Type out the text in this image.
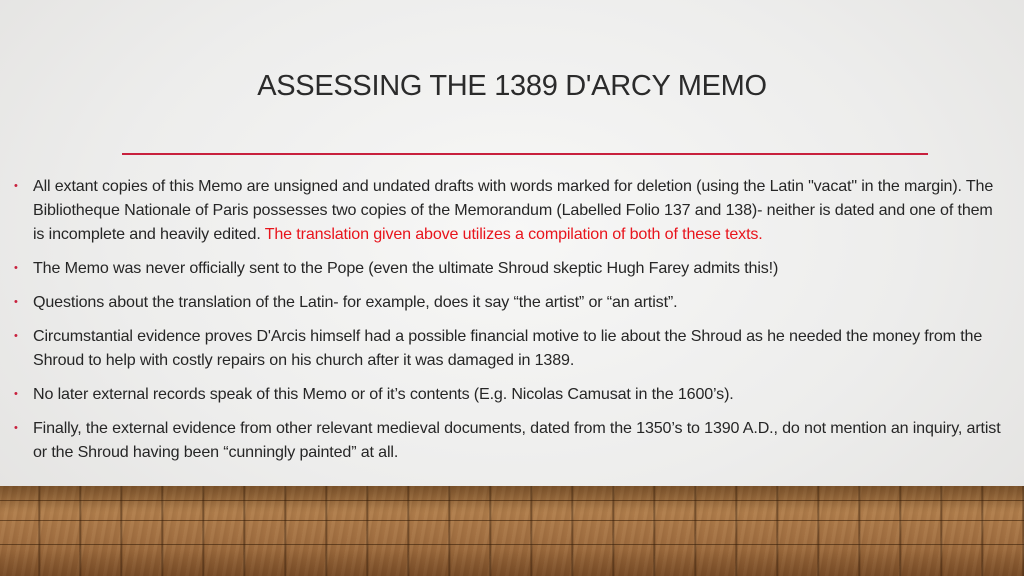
ASSESSING THE 1389 D'ARCY MEMO
• All extant copies of this Memo are unsigned and undated drafts with words marked for deletion (using the Latin "vacat" in the margin). The Bibliotheque Nationale of Paris possesses two copies of the Memorandum (Labelled Folio 137 and 138)- neither is dated and one of them is incomplete and heavily edited. The translation given above utilizes a compilation of both of these texts.
• The Memo was never officially sent to the Pope (even the ultimate Shroud skeptic Hugh Farey admits this!)
• Questions about the translation of the Latin- for example, does it say “the artist” or “an artist”.
• Circumstantial evidence proves D'Arcis himself had a possible financial motive to lie about the Shroud as he needed the money from the Shroud to help with costly repairs on his church after it was damaged in 1389.
• No later external records speak of this Memo or of it’s contents (E.g. Nicolas Camusat in the 1600’s).
• Finally, the external evidence from other relevant medieval documents, dated from the 1350’s to 1390 A.D., do not mention an inquiry, artist or the Shroud having been “cunningly painted” at all.
